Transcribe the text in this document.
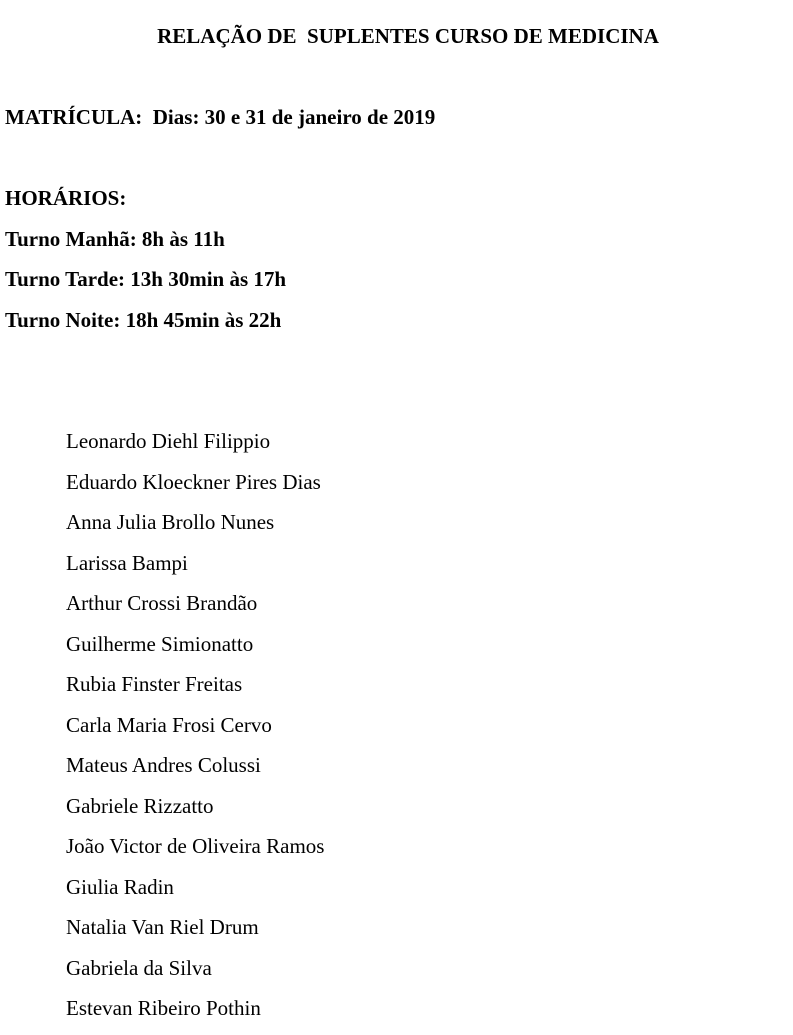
RELAÇÃO DE  SUPLENTES CURSO DE MEDICINA
MATRÍCULA:  Dias: 30 e 31 de janeiro de 2019
HORÁRIOS:
Turno Manhã: 8h às 11h
Turno Tarde: 13h 30min às 17h
Turno Noite: 18h 45min às 22h
Leonardo Diehl Filippio
Eduardo Kloeckner Pires Dias
Anna Julia Brollo Nunes
Larissa Bampi
Arthur Crossi Brandão
Guilherme Simionatto
Rubia Finster Freitas
Carla Maria Frosi Cervo
Mateus Andres Colussi
Gabriele Rizzatto
João Victor de Oliveira Ramos
Giulia Radin
Natalia Van Riel Drum
Gabriela da Silva
Estevan Ribeiro Pothin
